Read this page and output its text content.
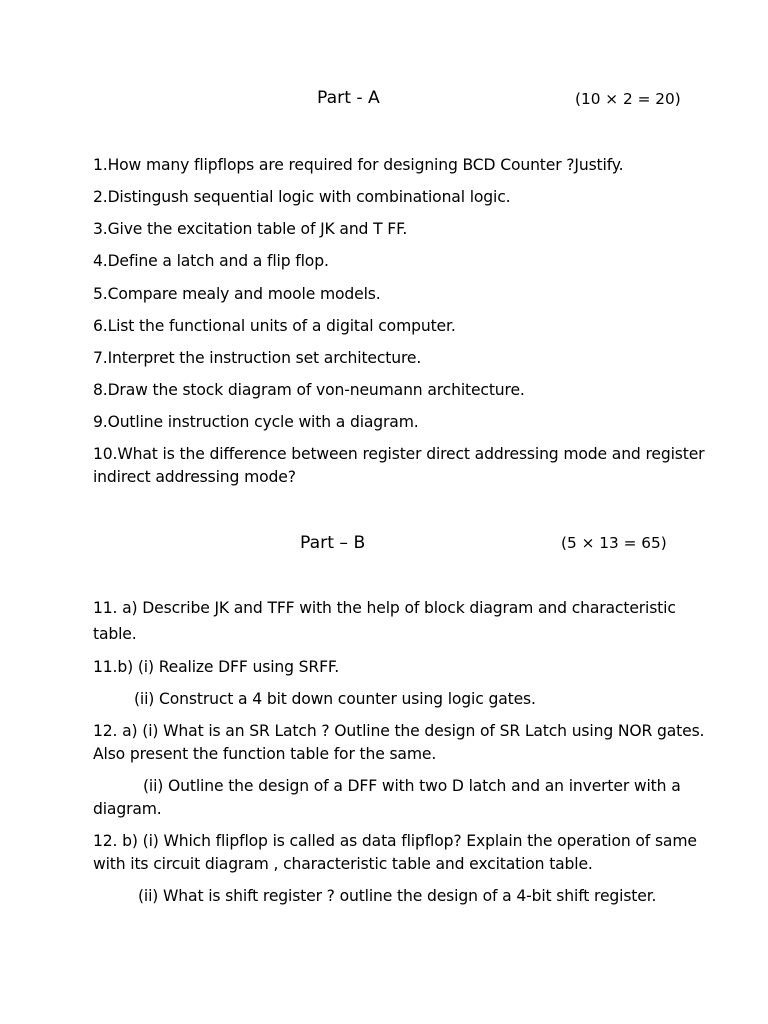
Part - A	(10 × 2 = 20)
1.How many flipflops are required for designing BCD Counter ?Justify.
2.Distingush sequential logic with combinational logic.
3.Give the excitation table of JK and T FF.
4.Define a latch and a flip flop.
5.Compare mealy and moole models.
6.List the functional units of a digital computer.
7.Interpret the instruction set architecture.
8.Draw the stock diagram of von-neumann architecture.
9.Outline instruction cycle with a diagram.
10.What is the difference between register direct addressing mode and register
indirect addressing mode?
Part – B	(5 × 13 = 65)
11. a) Describe JK and TFF with the help of block diagram and characteristic
table.
11.b) (i) Realize DFF using SRFF.
(ii) Construct a 4 bit down counter using logic gates.
12. a) (i) What is an SR Latch ? Outline the design of SR Latch using NOR gates.
Also present the function table for the same.
(ii) Outline the design of a DFF with two D latch and an inverter with a
diagram.
12. b) (i) Which flipflop is called as data flipflop? Explain the operation of same
with its circuit diagram , characteristic table and excitation table.
(ii) What is shift register ? outline the design of a 4-bit shift register.
